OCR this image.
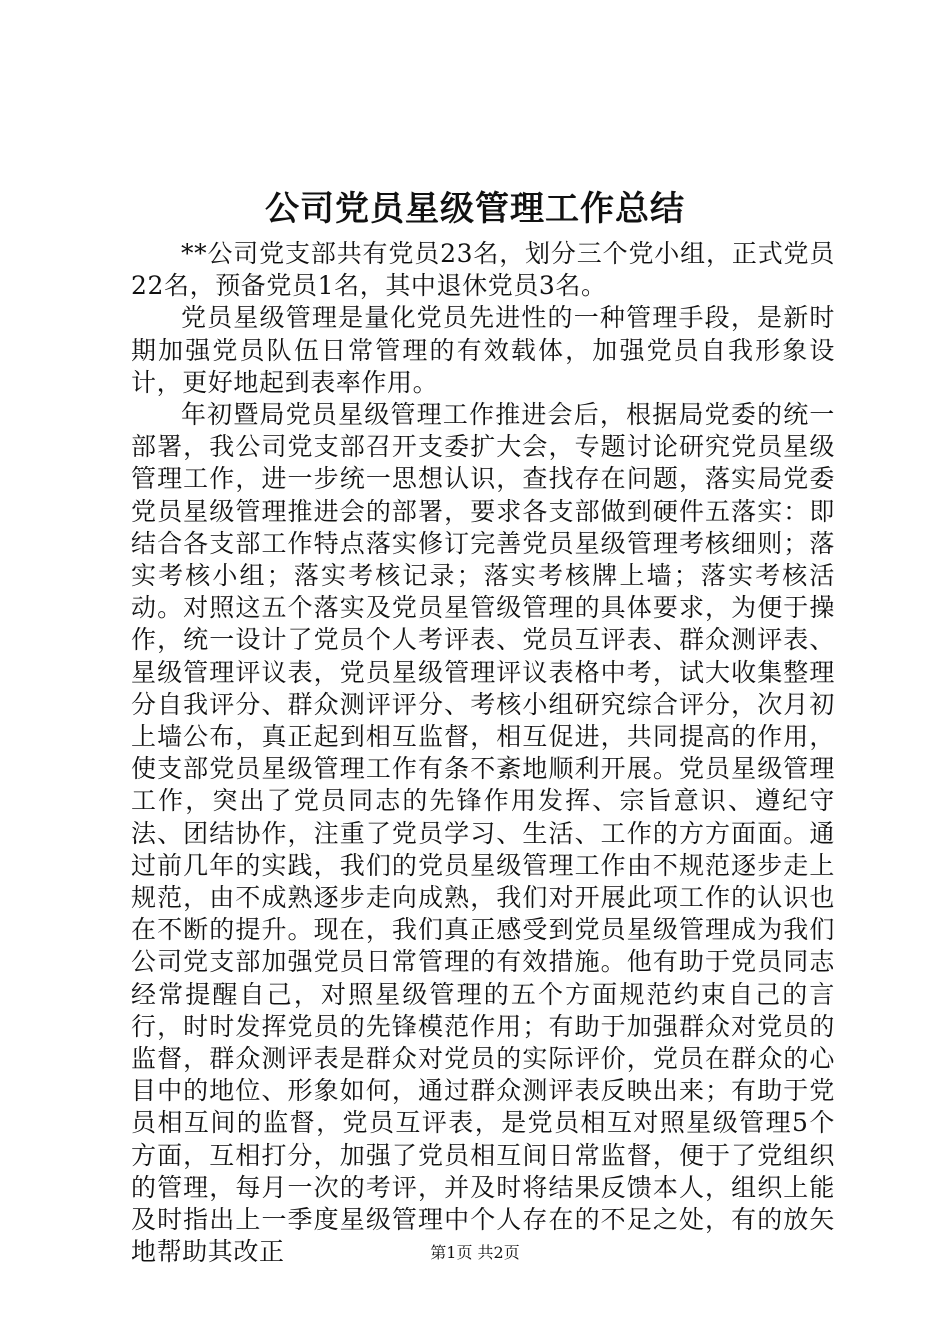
公司党员星级管理工作总结

**公司党支部共有党员23名，划分三个党小组，正式党员22名，预备党员1名，其中退休党员3名。

党员星级管理是量化党员先进性的一种管理手段，是新时期加强党员队伍日常管理的有效载体，加强党员自我形象设计，更好地起到表率作用。

年初暨局党员星级管理工作推进会后，根据局党委的统一部署，我公司党支部召开支委扩大会，专题讨论研究党员星级管理工作，进一步统一思想认识，查找存在问题，落实局党委党员星级管理推进会的部署，要求各支部做到硬件五落实：即结合各支部工作特点落实修订完善党员星级管理考核细则；落实考核小组；落实考核记录；落实考核牌上墙；落实考核活动。对照这五个落实及党员星管级管理的具体要求，为便于操作，统一设计了党员个人考评表、党员互评表、群众测评表、星级管理评议表，党员星级管理评议表格中考，试大收集整理分自我评分、群众测评评分、考核小组研究综合评分，次月初上墙公布，真正起到相互监督，相互促进，共同提高的作用，使支部党员星级管理工作有条不紊地顺利开展。党员星级管理工作，突出了党员同志的先锋作用发挥、宗旨意识、遵纪守法、团结协作，注重了党员学习、生活、工作的方方面面。通过前几年的实践，我们的党员星级管理工作由不规范逐步走上规范，由不成熟逐步走向成熟，我们对开展此项工作的认识也在不断的提升。现在，我们真正感受到党员星级管理成为我们公司党支部加强党员日常管理的有效措施。他有助于党员同志经常提醒自己，对照星级管理的五个方面规范约束自己的言行，时时发挥党员的先锋模范作用；有助于加强群众对党员的监督，群众测评表是群众对党员的实际评价，党员在群众的心目中的地位、形象如何，通过群众测评表反映出来；有助于党员相互间的监督，党员互评表，是党员相互对照星级管理5个方面，互相打分，加强了党员相互间日常监督，便于了党组织的管理，每月一次的考评，并及时将结果反馈本人，组织上能及时指出上一季度星级管理中个人存在的不足之处，有的放矢地帮助其改正	第1页 共2页
